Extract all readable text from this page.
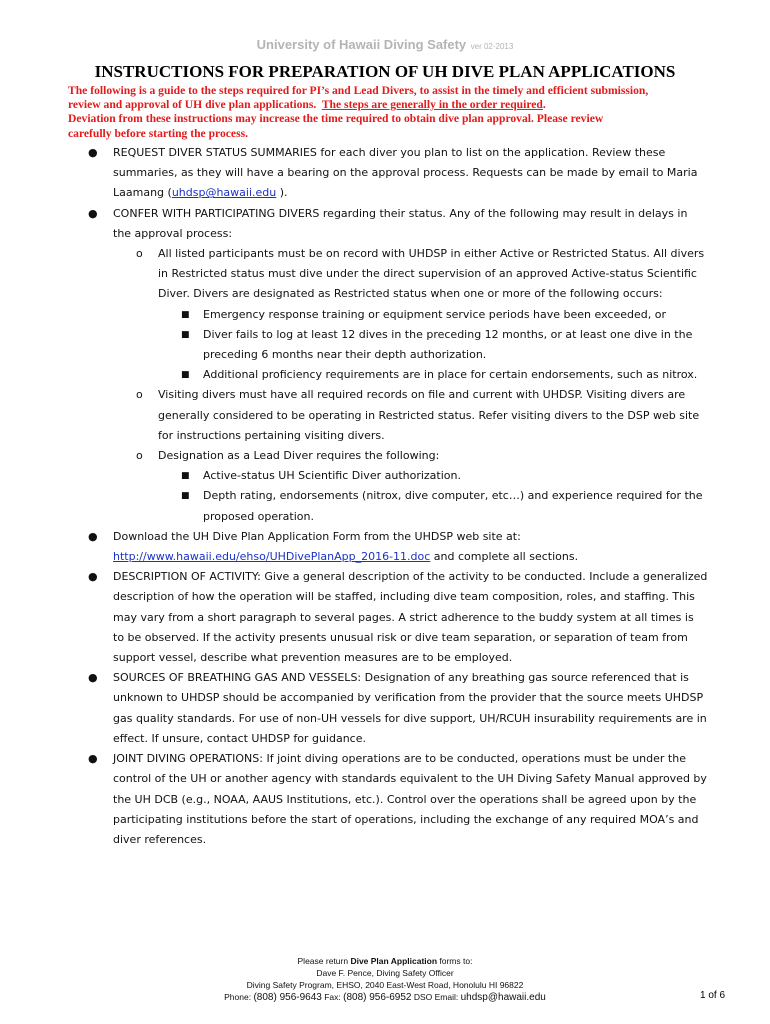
University of Hawaii Diving Safety ver 02-2013
INSTRUCTIONS FOR PREPARATION OF UH DIVE PLAN APPLICATIONS
The following is a guide to the steps required for PI’s and Lead Divers, to assist in the timely and efficient submission,
review and approval of UH dive plan applications. The steps are generally in the order required.
Deviation from these instructions may increase the time required to obtain dive plan approval. Please review
carefully before starting the process.
● REQUEST DIVER STATUS SUMMARIES for each diver you plan to list on the application. Review these summaries, as they will have a bearing on the approval process. Requests can be made by email to Maria Laamang (uhdsp@hawaii.edu ).
● CONFER WITH PARTICIPATING DIVERS regarding their status. Any of the following may result in delays in the approval process:
o All listed participants must be on record with UHDSP in either Active or Restricted Status. All divers in Restricted status must dive under the direct supervision of an approved Active-status Scientific Diver. Divers are designated as Restricted status when one or more of the following occurs:
■ Emergency response training or equipment service periods have been exceeded, or
■ Diver fails to log at least 12 dives in the preceding 12 months, or at least one dive in the preceding 6 months near their depth authorization.
■ Additional proficiency requirements are in place for certain endorsements, such as nitrox.
o Visiting divers must have all required records on file and current with UHDSP. Visiting divers are generally considered to be operating in Restricted status. Refer visiting divers to the DSP web site for instructions pertaining visiting divers.
o Designation as a Lead Diver requires the following:
■ Active-status UH Scientific Diver authorization.
■ Depth rating, endorsements (nitrox, dive computer, etc…) and experience required for the proposed operation.
● Download the UH Dive Plan Application Form from the UHDSP web site at: http://www.hawaii.edu/ehso/UHDivePlanApp_2016-11.doc and complete all sections.
● DESCRIPTION OF ACTIVITY: Give a general description of the activity to be conducted. Include a generalized description of how the operation will be staffed, including dive team composition, roles, and staffing. This may vary from a short paragraph to several pages. A strict adherence to the buddy system at all times is to be observed. If the activity presents unusual risk or dive team separation, or separation of team from support vessel, describe what prevention measures are to be employed.
● SOURCES OF BREATHING GAS AND VESSELS: Designation of any breathing gas source referenced that is unknown to UHDSP should be accompanied by verification from the provider that the source meets UHDSP gas quality standards. For use of non-UH vessels for dive support, UH/RCUH insurability requirements are in effect. If unsure, contact UHDSP for guidance.
● JOINT DIVING OPERATIONS: If joint diving operations are to be conducted, operations must be under the control of the UH or another agency with standards equivalent to the UH Diving Safety Manual approved by the UH DCB (e.g., NOAA, AAUS Institutions, etc.). Control over the operations shall be agreed upon by the participating institutions before the start of operations, including the exchange of any required MOA’s and diver references.
Please return Dive Plan Application forms to:
Dave F. Pence, Diving Safety Officer
Diving Safety Program, EHSO, 2040 East-West Road, Honolulu HI 96822
Phone: (808) 956-9643 Fax: (808) 956-6952 DSO Email: uhdsp@hawaii.edu	1 of 6
